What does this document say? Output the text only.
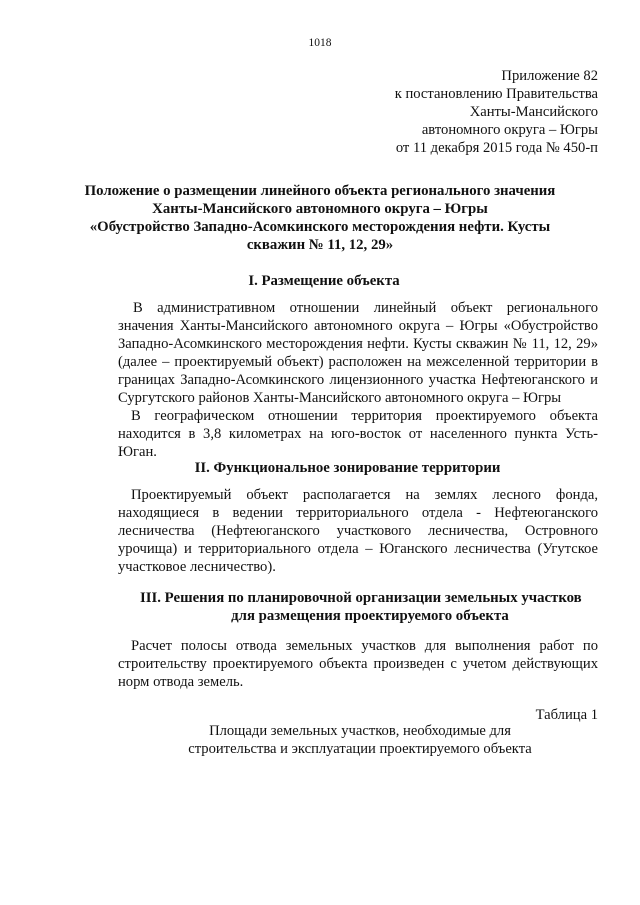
1018
Приложение 82
к постановлению Правительства
Ханты-Мансийского
автономного округа – Югры
от 11 декабря 2015 года № 450-п
Положение о размещении линейного объекта регионального значения
Ханты-Мансийского автономного округа – Югры
«Обустройство Западно-Асомкинского месторождения нефти. Кусты
скважин № 11, 12, 29»
I. Размещение объекта
В административном отношении линейный объект регионального
значения Ханты-Мансийского автономного округа – Югры «Обустройство
Западно-Асомкинского месторождения нефти. Кусты скважин № 11, 12, 29»
(далее – проектируемый объект) расположен на межселенной территории в
границах Западно-Асомкинского лицензионного участка Нефтеюганского и
Сургутского районов Ханты-Мансийского автономного округа – Югры
В географическом отношении территория проектируемого объекта
находится в 3,8 километрах на юго-восток от населенного пункта Усть-Юган.
II. Функциональное зонирование территории
Проектируемый объект располагается на землях лесного фонда,
находящиеся в ведении территориального отдела - Нефтеюганского
лесничества (Нефтеюганского участкового лесничества, Островного
урочища) и территориального отдела – Юганского лесничества (Угутское
участковое лесничество).
III. Решения по планировочной организации земельных участков
для размещения проектируемого объекта
Расчет полосы отвода земельных участков для выполнения работ по
строительству проектируемого объекта произведен с учетом действующих
норм отвода земель.
Таблица 1
Площади земельных участков, необходимые для
строительства и эксплуатации проектируемого объекта
